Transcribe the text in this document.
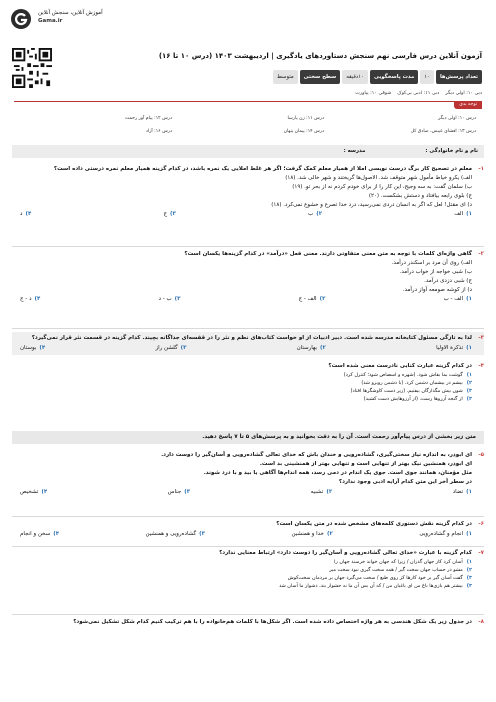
آموزش آنلاین، سنجش آنلاین
Gama.ir
آزمون آنلاین درس فارسی نهم سنجش دستاوردهای یادگیری | اردیبهشت ۱۴۰۳ (درس ۱۰ تا ۱۶)
تعداد پرسش‌ها
۱۰
مدت پاسخگویی
۱۰دقیقه
سطح سختی
متوسط
دبی ۱۰: اولی دیگر
دبی ۱۱: ادبی بی‌کوک
شوقی ۱۰: پیاورت
توجه بدی
درس ۱۰: اولی دیگر
درس ۱۱: زن پارسا
درس ۱۲: پیام آور رحمت
درس ۱۳: افشای غیبش، صادق کل
درس ۱۴: پیمان پنهان
درس ۱۶: آزاد
نام و نام خانوادگی :
مدرسه :
۱-
معلم در تصحیح کار برگ درست نویسی املا از همیار معلم کمک گرفت؛ اگر هر غلط املایی یک نمره باشد، در کدام گزینه همیار معلم نمره درستی داده است؟
الف) یکرو خیاط مأمول شهر متوقف شد. الاصول‌ها گریختند و شهر خالی شد. (۱۸)
ب) سلمان گفت: به سه وجیح، این کار را از برای خودم کردم نه از بحر تو. (۱۹)
ج) بلوی رابعه بیافتاد و دستش بشکست. (۲۰)
د) ای مقتل! لعل که اگر به انسان دردی نمی‌رسید، درد خدا تصرع و خشوع نمی‌کرد. (۱۸)
۱)
الف
۲)
ب
۳)
ج
۴)
د
۲-
گاهی واژه‌ای کلمات با توجه به متن معنی متفاوتی دارند. معنی فعل «درآمد» در کدام گزینه‌ها یکسان است؟
الف) روی آن مرد بر اسکندر درآمد.
ب) شبی خواجه از خواب درآمد.
ج) شبی دزدی درآمد.
د) از کوشه صومعه آواز درآمد.
۱)
الف - ب
۲)
الف - ج
۳)
ب - د
۴)
د - ج
۳-
لذا به تازگی مسئول کتابخانه مدرسه شده است. دبیر ادبیات از او خواست کتاب‌های نظم و نثر را در قفسه‌ای جداگانه بچیند. کدام گزینه در قسمت نثر قرار نمی‌گیرد؟
۱)
تذکرة الاولیا
۲)
بهارستان
۳)
گلشن راز
۴)
بوستان
۴-
در کدام گزینه عبارت کنایی نادرست معنی شده است؟
۱)
گوشت بما بقاش شود. (شهره و اسصاص شود؛ کنترل کرد)
۲)
بیشم در بیشمان دشمن کرد. (با دشمن روبرو شد)
۳)
شون بیش مگذارگان بیفتیم. (زیر دست کاوشگرها افتاد)
۴)
از گنجه آرزوها رست. (از آرزوهایش دست کشید)
متن زیر بخشی از درس پیام‌آور رحمت است. آن را به دقت بخوانید و به پرسش‌های ۵ تا ۷ پاسخ دهید.
۵-
ای ابوذر، به اندازه نیاز سختی‌گیری، گشاده‌رویی و خندان باش که خدای تعالی گشاده‌رویی و آسان‌گیر را دوست دارد.
ای ابوذر، همنشین نیک بهتر از تنهایی است و تنهایی بهتر از همنشینی بد است.
مثل مؤمنان، همانند جوی است. جوی یک اندام در دمی رسد، همه اندام‌ها آگاهی یا بید و با درد شوند.
در سطر آخر این متن کدام آرایه ادبی وجود ندارد؟
۱)
تضاد
۲)
تشبیه
۳)
جناس
۴)
تشخیص
۶-
در کدام گزینه نقش دستوری کلمه‌های مشخص شده در متن یکسان است؟
۱)
انجام و گشاده‌رویی
۲)
خدا و همنشین
۳)
گشاده‌رویی و همنشین
۴)
سخن و انجام
۷-
کدام گزینه با عبارت «خدای تعالی گشاده‌رویی و آسان‌گیر را دوست دارد» ارتباط معنایی ندارد؟
۱)
آسان کرد کار جهان گذران / زیرا که جهان خواند خرسند جهان را
۲)
مشو در حساب جهان سخت گیر / همه سخت گیری نبود سخت میر
۳)
گفت آسان گیر بر خود کارها کز روی طبع / سخت می‌گیرد جهان بر مردمان سخت‌کوش
۴)
بیشتر هم بازی‌ها باغ من ای باغبان من / که آن بس آن ما نه حشوار بند، دشوار ما آسان شد
۸-
در جدول زیر یک شکل هندسی به هر واژه اختصاص داده شده است. اگر شکل‌ها با کلمات هم‌خانواده را با هم ترکیب کنیم کدام شکل تشکیل نمی‌شود؟
